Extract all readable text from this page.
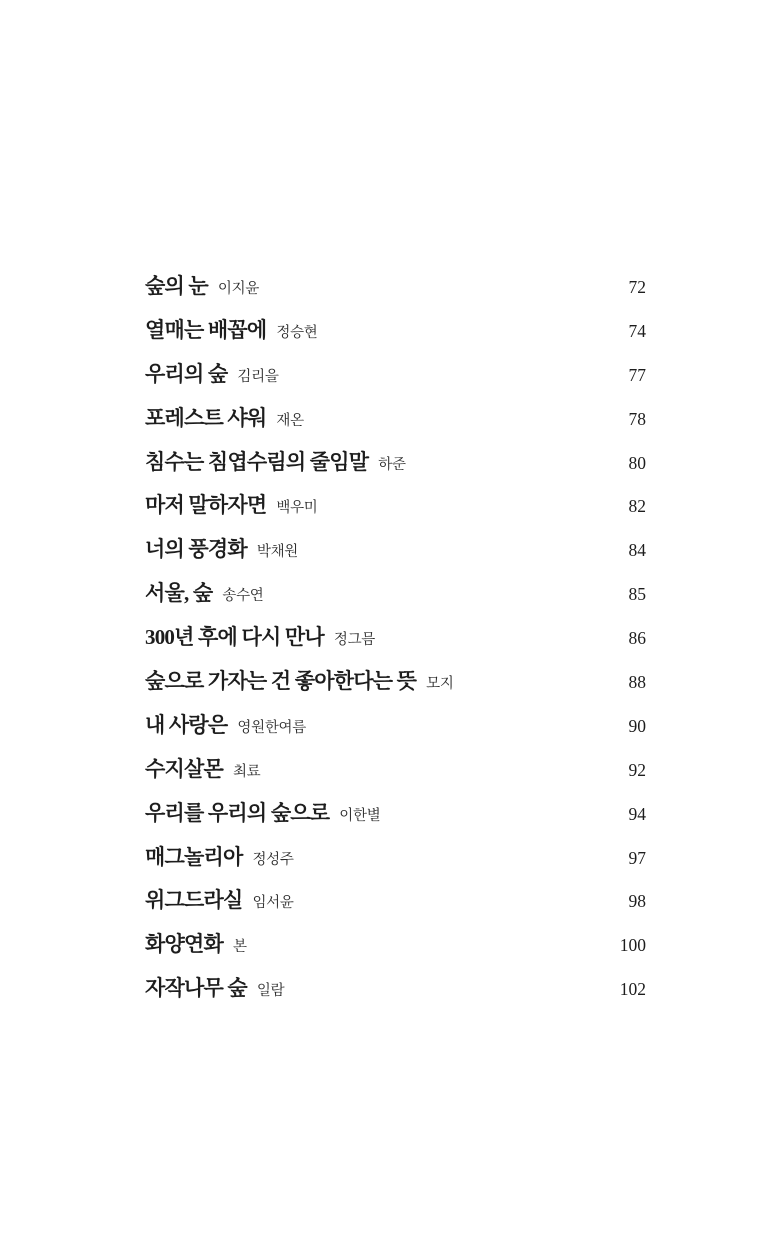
숲의 눈 이지윤	72
열매는 배꼽에 정승현	74
우리의 숲 김리을	77
포레스트 샤워 재온	78
침수는 침엽수림의 줄임말 하준	80
마저 말하자면 백우미	82
너의 풍경화 박채원	84
서울, 숲 송수연	85
300년 후에 다시 만나 정그믐	86
숲으로 가자는 건 좋아한다는 뜻 모지	88
내 사랑은 영원한여름	90
수지살몬 최료	92
우리를 우리의 숲으로 이한별	94
매그놀리아 정성주	97
위그드라실 임서윤	98
화양연화 본	100
자작나무 숲 일람	102
